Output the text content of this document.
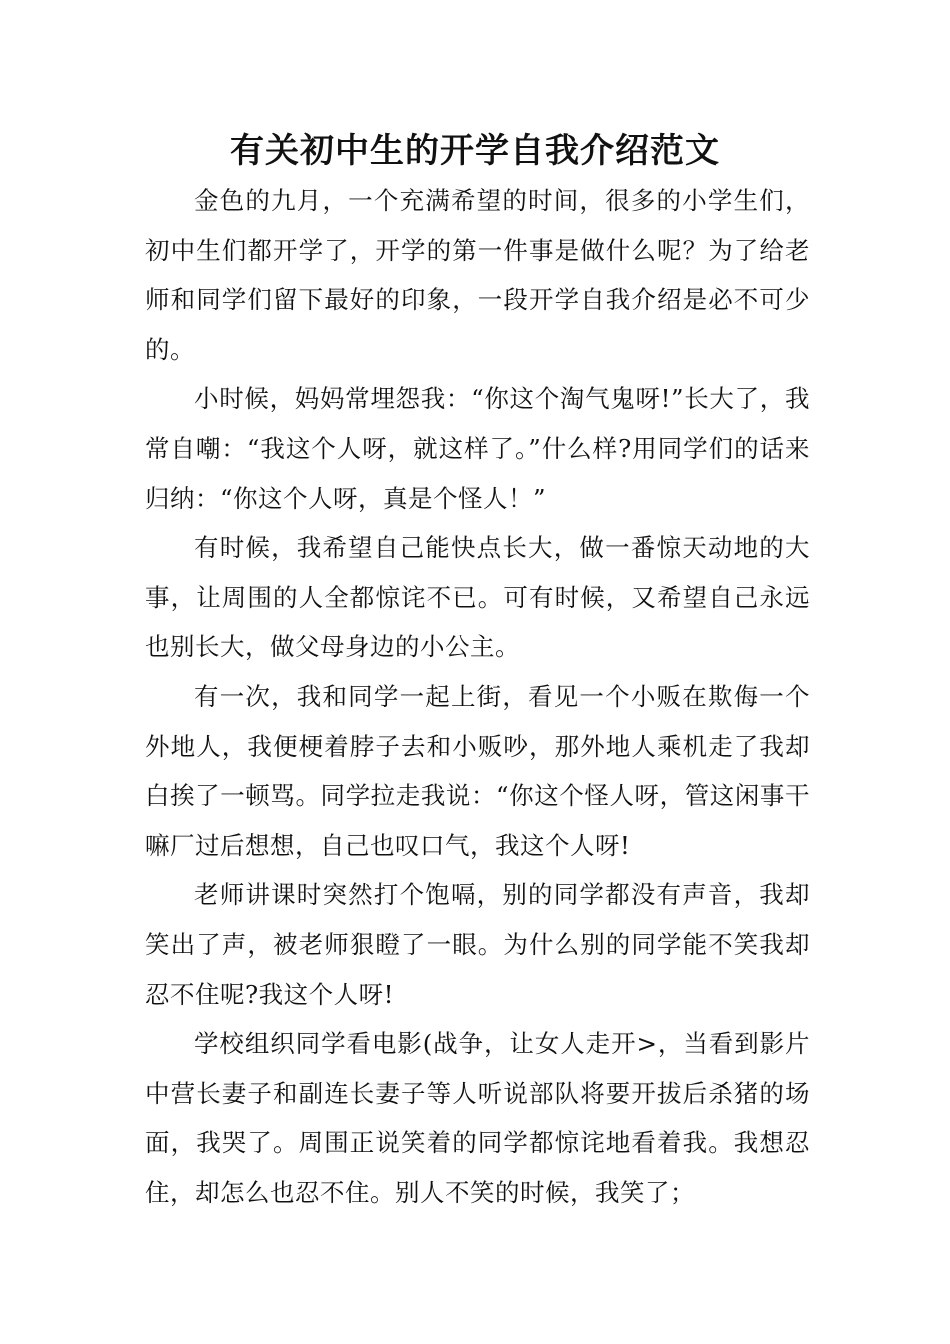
有关初中生的开学自我介绍范文

金色的九月，一个充满希望的时间，很多的小学生们，初中生们都开学了，开学的第一件事是做什么呢？为了给老师和同学们留下最好的印象，一段开学自我介绍是必不可少的。

小时候，妈妈常埋怨我：“你这个淘气鬼呀!”长大了，我常自嘲：“我这个人呀，就这样了。”什么样?用同学们的话来归纳：“你这个人呀，真是个怪人！”

有时候，我希望自己能快点长大，做一番惊天动地的大事，让周围的人全都惊诧不已。可有时候，又希望自己永远也别长大，做父母身边的小公主。

有一次，我和同学一起上街，看见一个小贩在欺侮一个外地人，我便梗着脖子去和小贩吵，那外地人乘机走了我却白挨了一顿骂。同学拉走我说：“你这个怪人呀，管这闲事干嘛厂过后想想，自己也叹口气，我这个人呀!

老师讲课时突然打个饱嗝，别的同学都没有声音，我却笑出了声，被老师狠瞪了一眼。为什么别的同学能不笑我却忍不住呢?我这个人呀!

学校组织同学看电影(战争，让女人走开>，当看到影片中营长妻子和副连长妻子等人听说部队将要开拔后杀猪的场面，我哭了。周围正说笑着的同学都惊诧地看着我。我想忍住，却怎么也忍不住。别人不笑的时候，我笑了；
